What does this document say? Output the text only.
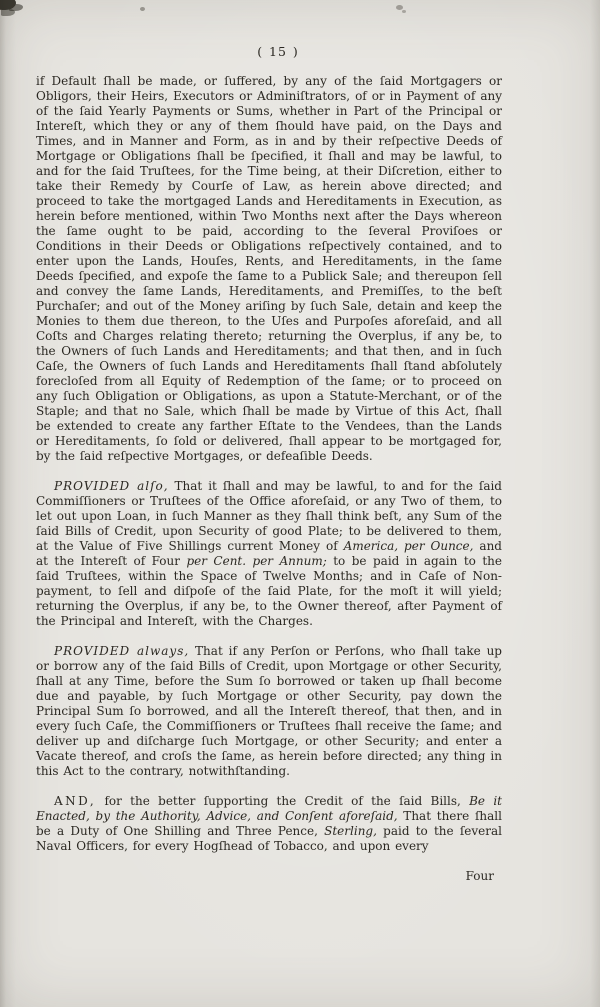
( 15 )

if Default ſhall be made, or ſuffered, by any of the ſaid Mortgagers or Obligors, their Heirs, Executors or Adminiſtrators, of or in Payment of any of the ſaid Yearly Payments or Sums, whether in Part of the Principal or Intereſt, which they or any of them ſhould have paid, on the Days and Times, and in Manner and Form, as in and by their reſpective Deeds of Mortgage or Obligations ſhall be ſpecified, it ſhall and may be lawful, to and for the ſaid Truſtees, for the Time being, at their Diſcretion, either to take their Remedy by Courſe of Law, as herein above directed; and proceed to take the mortgaged Lands and Hereditaments in Execution, as herein before mentioned, within Two Months next after the Days whereon the ſame ought to be paid, according to the ſeveral Proviſoes or Conditions in their Deeds or Obligations reſpectively contained, and to enter upon the Lands, Houſes, Rents, and Hereditaments, in the ſame Deeds ſpecified, and expoſe the ſame to a Publick Sale; and thereupon ſell and convey the ſame Lands, Hereditaments, and Premiſſes, to the beſt Purchaſer; and out of the Money ariſing by ſuch Sale, detain and keep the Monies to them due thereon, to the Uſes and Purpoſes aforeſaid, and all Coſts and Charges relating thereto; returning the Overplus, if any be, to the Owners of ſuch Lands and Hereditaments; and that then, and in ſuch Caſe, the Owners of ſuch Lands and Hereditaments ſhall ſtand abſolutely forecloſed from all Equity of Redemption of the ſame; or to proceed on any ſuch Obligation or Obligations, as upon a Statute-Merchant, or of the Staple; and that no Sale, which ſhall be made by Virtue of this Act, ſhall be extended to create any farther Eſtate to the Vendees, than the Lands or Hereditaments, ſo ſold or delivered, ſhall appear to be mortgaged for, by the ſaid reſpective Mortgages, or defeaſible Deeds.

PROVIDED alſo, That it ſhall and may be lawful, to and for the ſaid Commiſſioners or Truſtees of the Office aforeſaid, or any Two of them, to let out upon Loan, in ſuch Manner as they ſhall think beſt, any Sum of the ſaid Bills of Credit, upon Security of good Plate; to be delivered to them, at the Value of Five Shillings current Money of America, per Ounce, and at the Intereſt of Four per Cent. per Annum; to be paid in again to the ſaid Truſtees, within the Space of Twelve Months; and in Caſe of Non-payment, to ſell and diſpoſe of the ſaid Plate, for the moſt it will yield; returning the Overplus, if any be, to the Owner thereof, after Payment of the Principal and Intereſt, with the Charges.

PROVIDED always, That if any Perſon or Perſons, who ſhall take up or borrow any of the ſaid Bills of Credit, upon Mortgage or other Security, ſhall at any Time, before the Sum ſo borrowed or taken up ſhall become due and payable, by ſuch Mortgage or other Security, pay down the Principal Sum ſo borrowed, and all the Intereſt thereof, that then, and in every ſuch Caſe, the Commiſſioners or Truſtees ſhall receive the ſame; and deliver up and diſcharge ſuch Mortgage, or other Security; and enter a Vacate thereof, and croſs the ſame, as herein before directed; any thing in this Act to the contrary, notwithſtanding.

AND, for the better ſupporting the Credit of the ſaid Bills, Be it Enacted, by the Authority, Advice, and Conſent aforeſaid, That there ſhall be a Duty of One Shilling and Three Pence, Sterling, paid to the ſeveral Naval Officers, for every Hogſhead of Tobacco, and upon every

Four
